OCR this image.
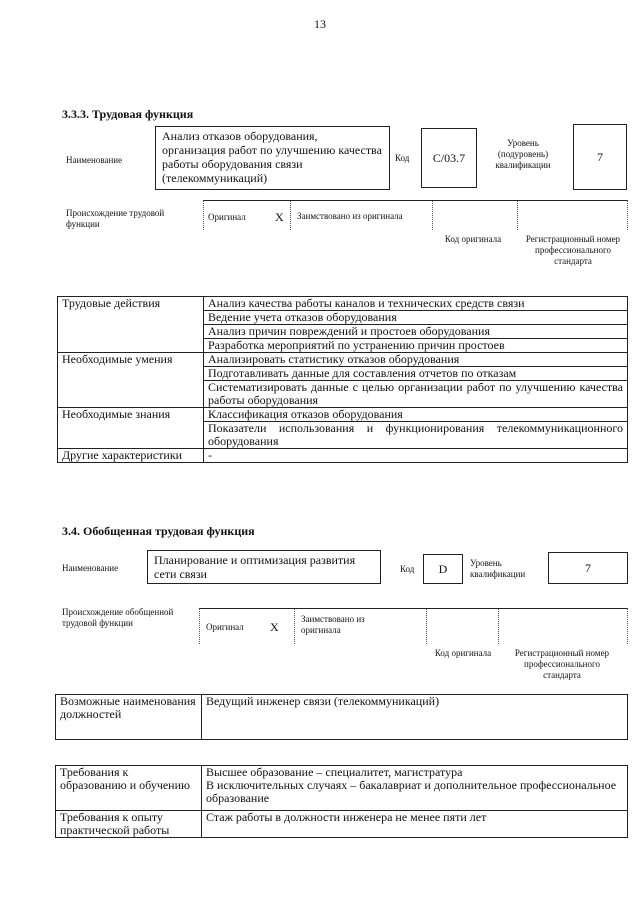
13
3.3.3. Трудовая функция
Наименование
Анализ отказов оборудования, организация работ по улучшению качества работы оборудования связи (телекоммуникаций)
Код	С/03.7
Уровень (подуровень) квалификации
7
Происхождение трудовой функции
Оригинал X Заимствовано из оригинала
Код оригинала	Регистрационный номер профессионального стандарта
Трудовые действия	Анализ качества работы каналов и технических средств связи
	Ведение учета отказов оборудования
	Анализ причин повреждений и простоев оборудования
	Разработка мероприятий по устранению причин простоев
Необходимые умения	Анализировать статистику отказов оборудования
	Подготавливать данные для составления отчетов по отказам
	Систематизировать данные с целью организации работ по улучшению качества работы оборудования
Необходимые знания	Классификация отказов оборудования
	Показатели использования и функционирования телекоммуникационного оборудования
Другие характеристики	-
3.4. Обобщенная трудовая функция
Наименование
Планирование и оптимизация развития сети связи	Код	D	Уровень квалификации	7
Происхождение обобщенной трудовой функции	Оригинал X
Заимствовано из оригинала
Код оригинала	Регистрационный номер профессионального стандарта
Возможные наименования должностей	Ведущий инженер связи (телекоммуникаций)
Требования к образованию и обучению	Высшее образование – специалитет, магистратура
В исключительных случаях – бакалавриат и дополнительное профессиональное образование

Требования к опыту практической работы	Стаж работы в должности инженера не менее пяти лет
